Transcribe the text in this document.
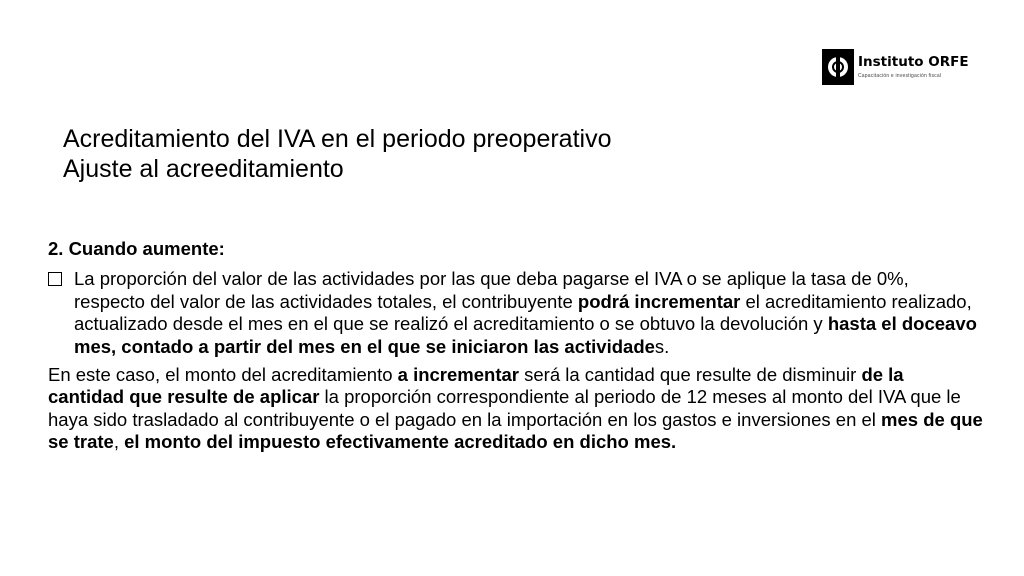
Instituto ORFE
Capacitación e investigación fiscal
Acreditamiento del IVA en el periodo preoperativo
Ajuste al acreeditamiento

2. Cuando aumente:

La proporción del valor de las actividades por las que deba pagarse el IVA o se aplique la tasa de 0%, respecto del valor de las actividades totales, el contribuyente podrá incrementar el acreditamiento realizado, actualizado desde el mes en el que se realizó el acreditamiento o se obtuvo la devolución y hasta el doceavo mes, contado a partir del mes en el que se iniciaron las actividades.

En este caso, el monto del acreditamiento a incrementar será la cantidad que resulte de disminuir de la cantidad que resulte de aplicar la proporción correspondiente al periodo de 12 meses al monto del IVA que le haya sido trasladado al contribuyente o el pagado en la importación en los gastos e inversiones en el mes de que se trate, el monto del impuesto efectivamente acreditado en dicho mes.
